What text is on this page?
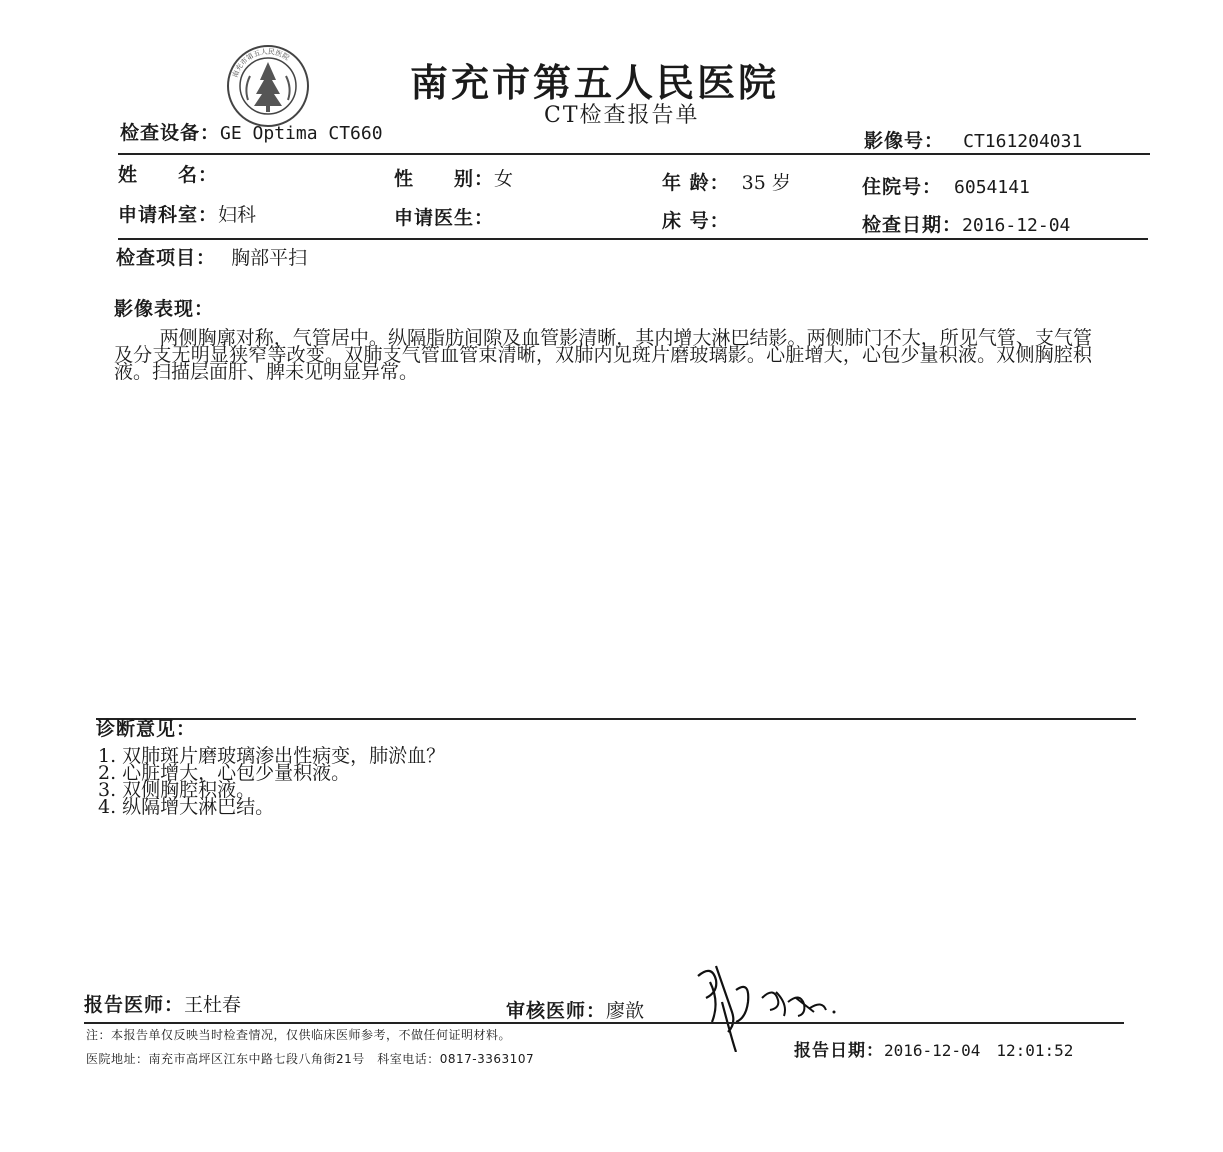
南充市第五人民医院
南充市第五人民医院
CT检查报告单
检查设备：GE Optima CT660	影像号： CT161204031
姓　　名：	性　　别：女	年 龄： 35 岁	住院号： 6054141
申请科室：妇科	申请医生：	床 号：	检查日期：2016-12-04
检查项目： 胸部平扫
影像表现：

两侧胸廓对称，气管居中。纵隔脂肪间隙及血管影清晰，其内增大淋巴结影。两侧肺门不大，所见气管、支气管及分支无明显狭窄等改变。双肺支气管血管束清晰，双肺内见斑片磨玻璃影。心脏增大，心包少量积液。双侧胸腔积液。扫描层面肝、脾未见明显异常。

诊断意见：
1. 双肺斑片磨玻璃渗出性病变，肺淤血？
2. 心脏增大，心包少量积液。
3. 双侧胸腔积液。
4. 纵隔增大淋巴结。
报告医师：王杜春	审核医师：廖歆
注：本报告单仅反映当时检查情况，仅供临床医师参考，不做任何证明材料。
医院地址：南充市高坪区江东中路七段八角街21号　科室电话：0817-3363107	报告日期：2016-12-04　12:01:52
